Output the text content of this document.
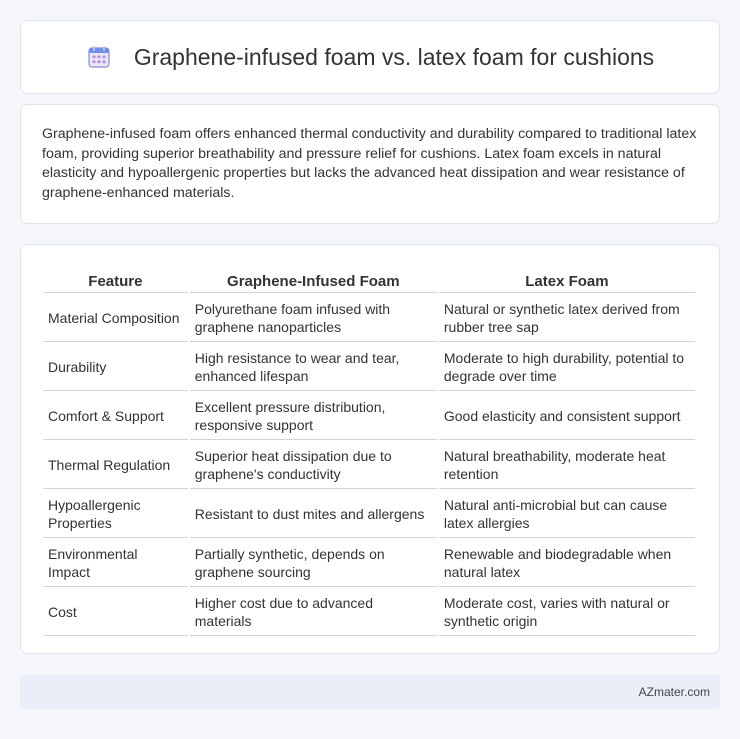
Graphene-infused foam vs. latex foam for cushions

Graphene-infused foam offers enhanced thermal conductivity and durability compared to traditional latex foam, providing superior breathability and pressure relief for cushions. Latex foam excels in natural elasticity and hypoallergenic properties but lacks the advanced heat dissipation and wear resistance of graphene-enhanced materials.

Feature	Graphene-Infused Foam	Latex Foam
Material Composition	Polyurethane foam infused with graphene nanoparticles	Natural or synthetic latex derived from rubber tree sap
Durability	High resistance to wear and tear, enhanced lifespan	Moderate to high durability, potential to degrade over time
Comfort & Support	Excellent pressure distribution, responsive support	Good elasticity and consistent support
Thermal Regulation	Superior heat dissipation due to graphene's conductivity	Natural breathability, moderate heat retention
Hypoallergenic Properties	Resistant to dust mites and allergens	Natural anti-microbial but can cause latex allergies
Environmental Impact	Partially synthetic, depends on graphene sourcing	Renewable and biodegradable when natural latex
Cost	Higher cost due to advanced materials	Moderate cost, varies with natural or synthetic origin
AZmater.com
